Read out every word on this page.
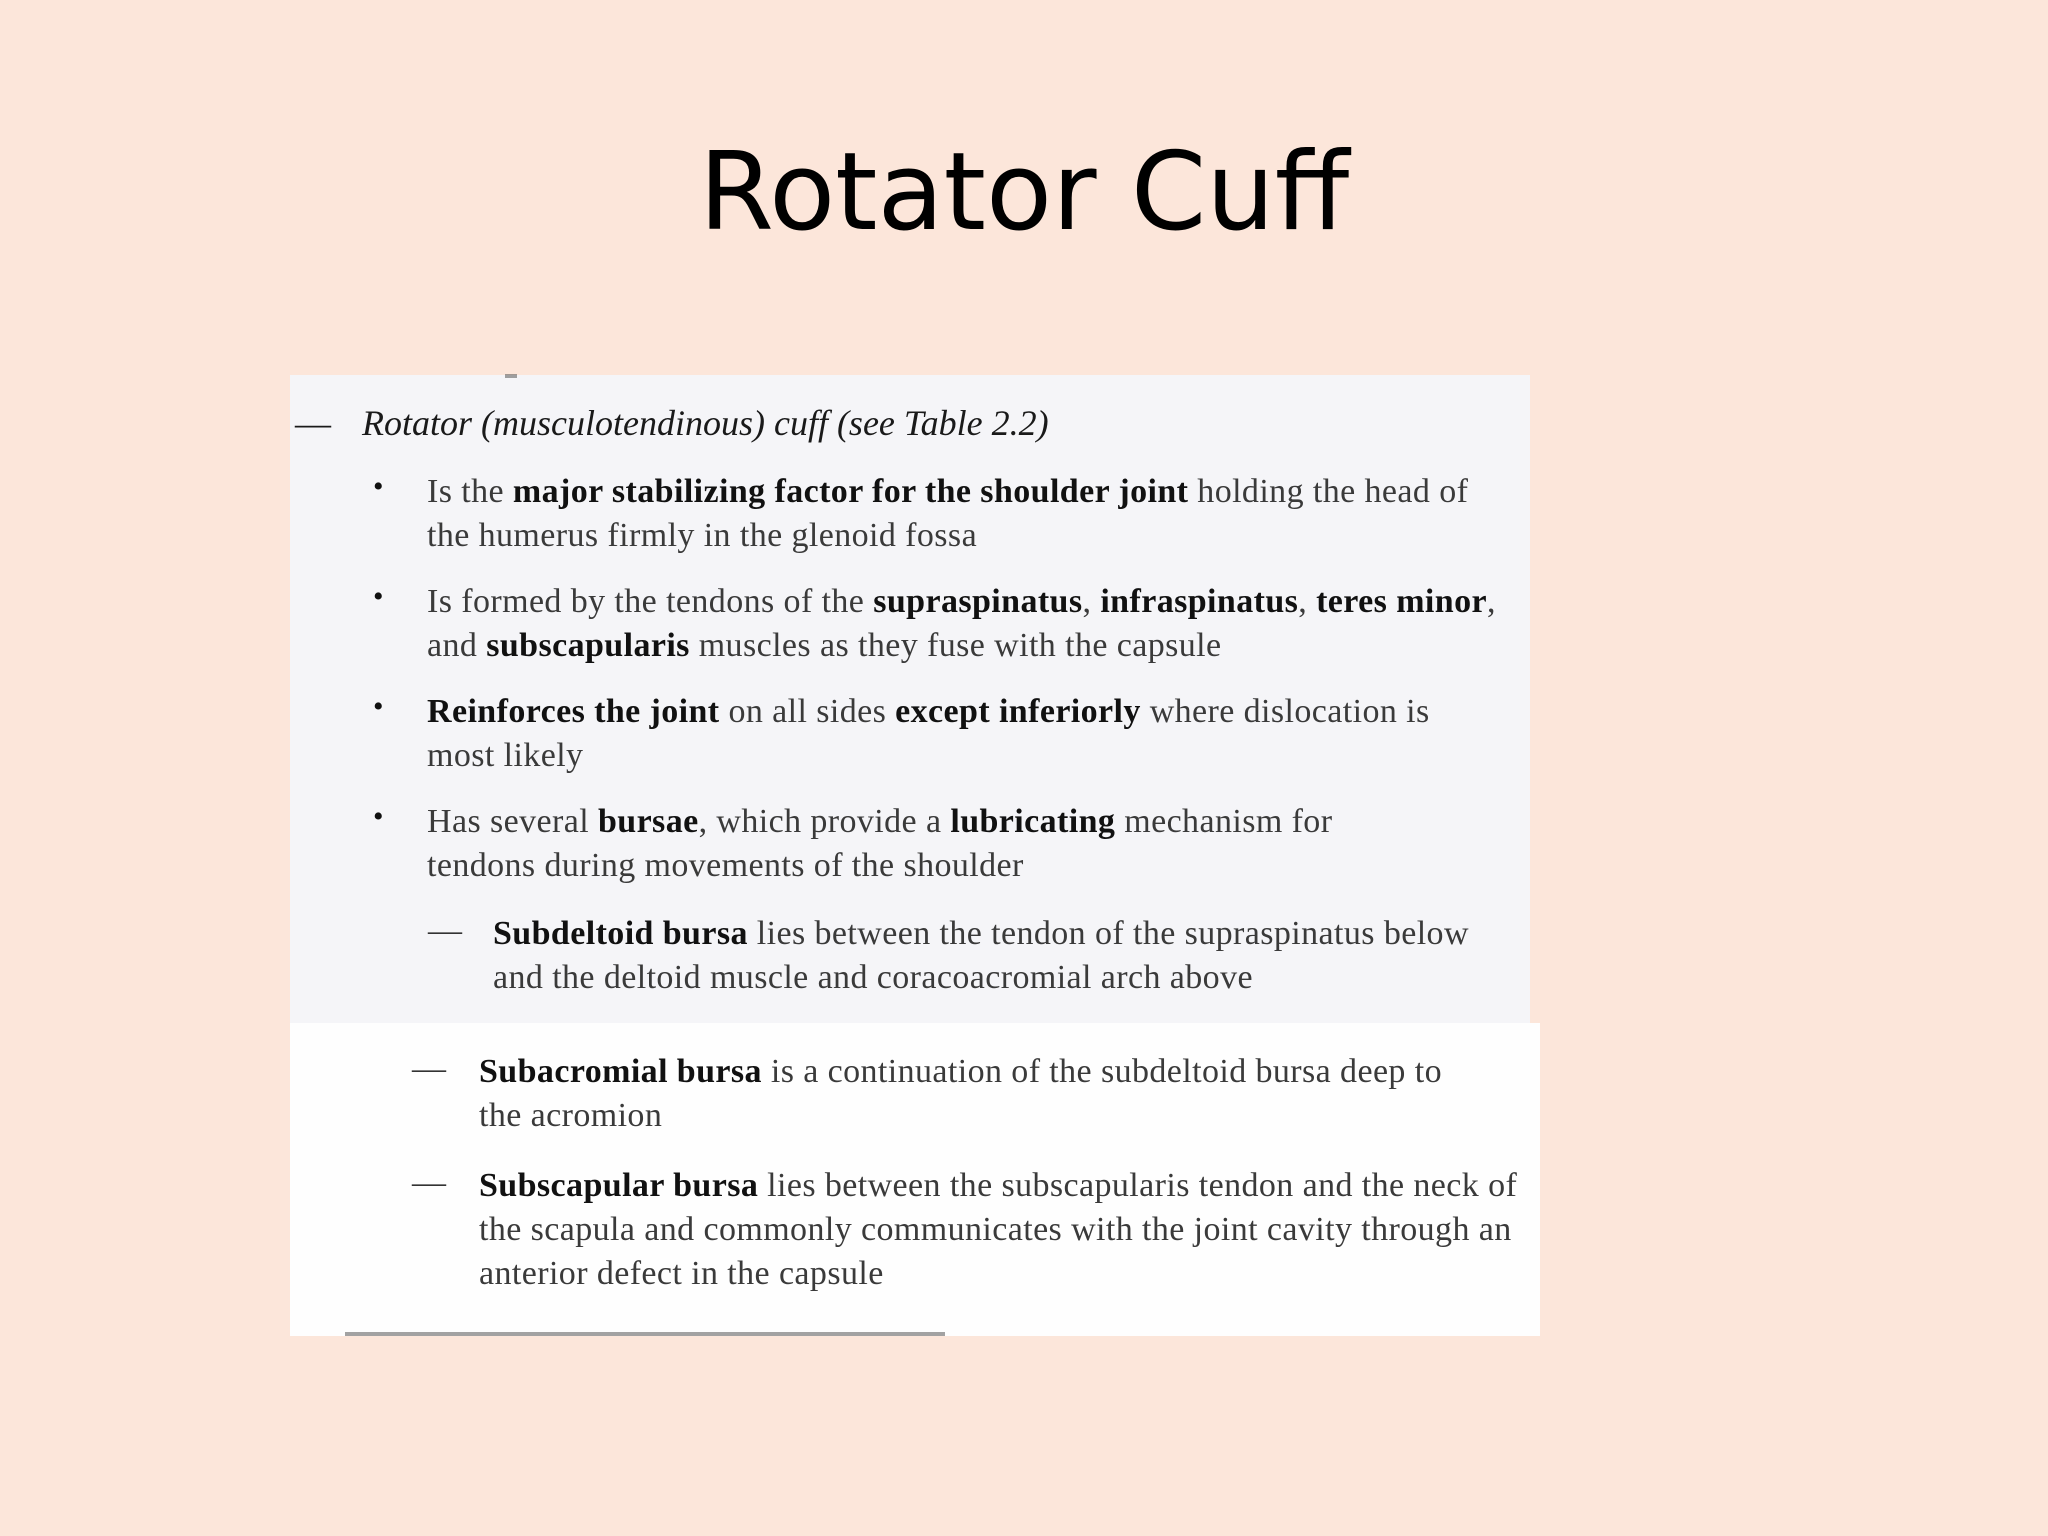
Rotator Cuff
— Rotator (musculotendinous) cuff (see Table 2.2)
• Is the major stabilizing factor for the shoulder joint holding the head of the humerus firmly in the glenoid fossa
• Is formed by the tendons of the supraspinatus, infraspinatus, teres minor, and subscapularis muscles as they fuse with the capsule
• Reinforces the joint on all sides except inferiorly where dislocation is most likely
• Has several bursae, which provide a lubricating mechanism for tendons during movements of the shoulder
— Subdeltoid bursa lies between the tendon of the supraspinatus below and the deltoid muscle and coracoacromial arch above
— Subacromial bursa is a continuation of the subdeltoid bursa deep to the acromion
— Subscapular bursa lies between the subscapularis tendon and the neck of the scapula and commonly communicates with the joint cavity through an anterior defect in the capsule
